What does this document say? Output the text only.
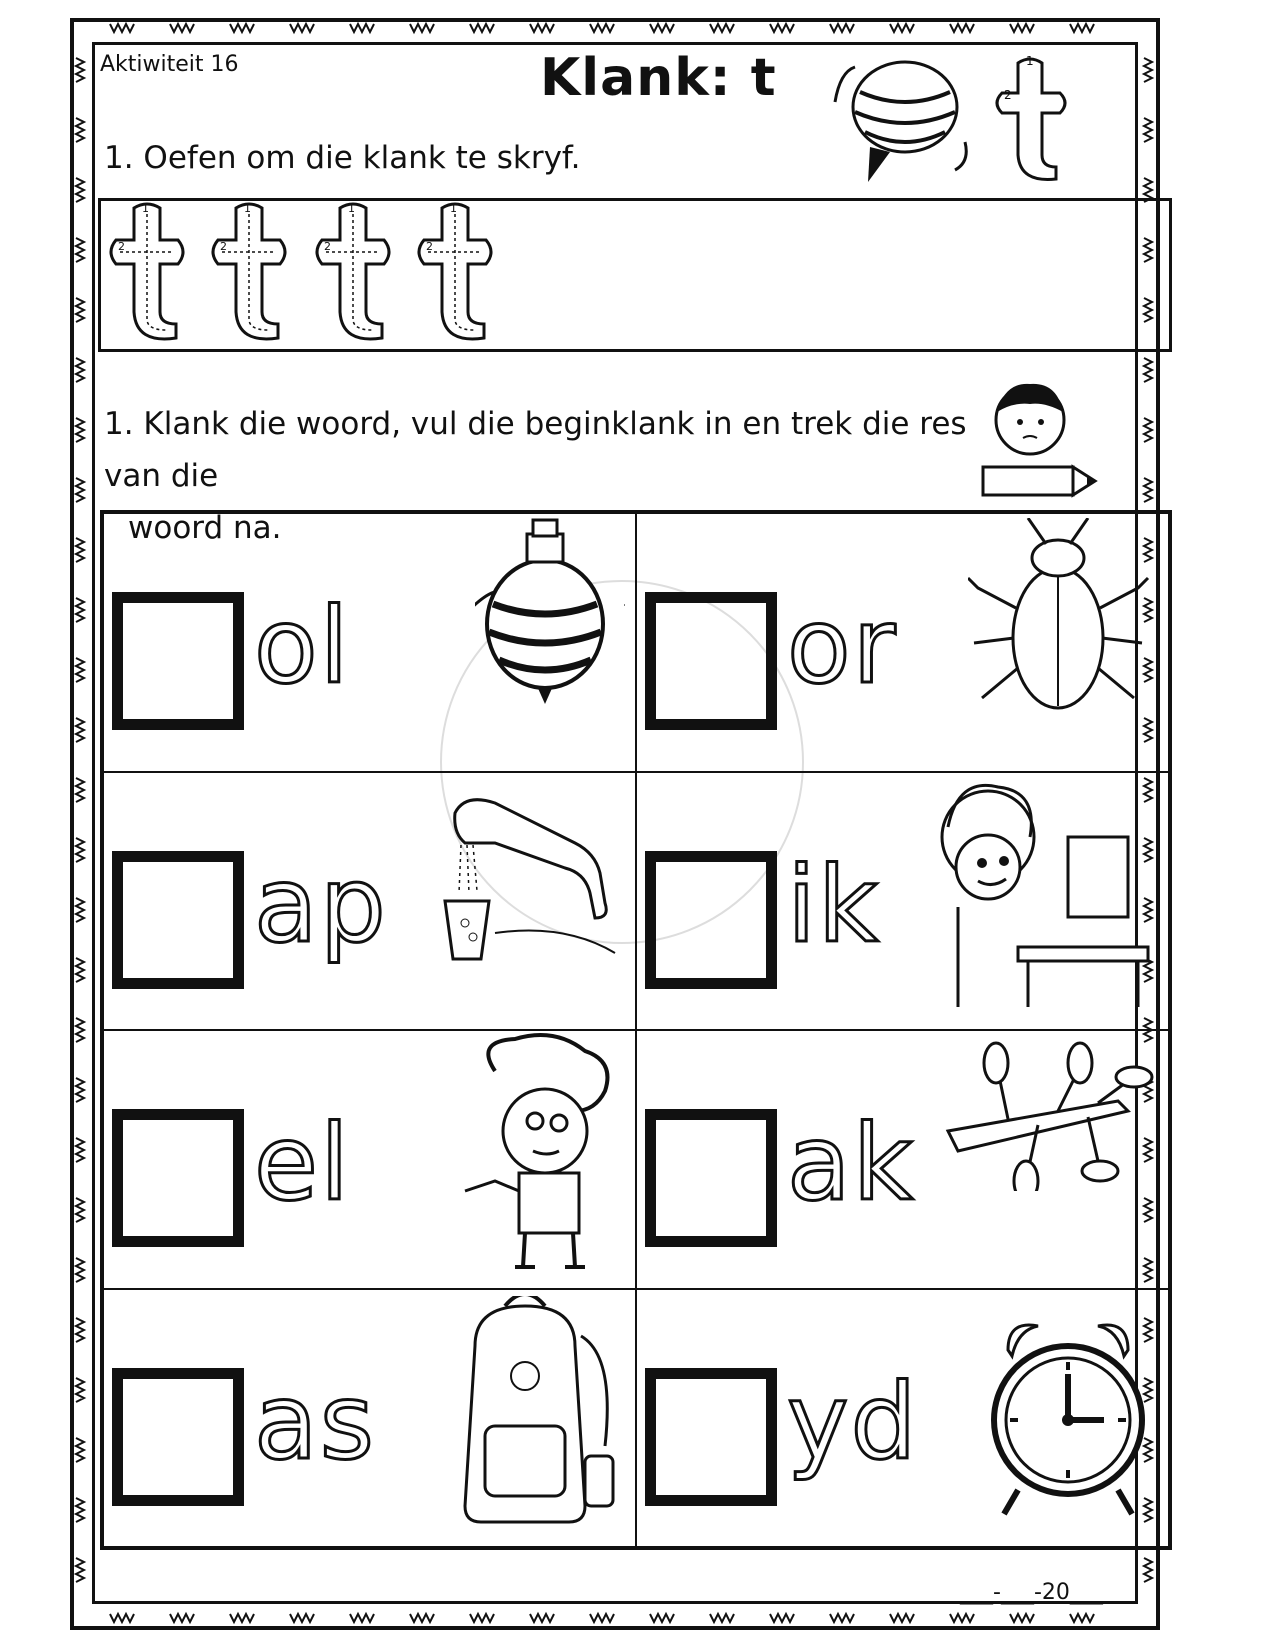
Aktiwiteit 16	Klank: t	2
1
1. Oefen om die klank te skryf.
2
1
2
1
2
1
2
1
1. Klank die woord, vul die beginklank in en trek die res van die
woord na.
ol	or
ap	ik
el	ak
as	yd
___-___-20___
